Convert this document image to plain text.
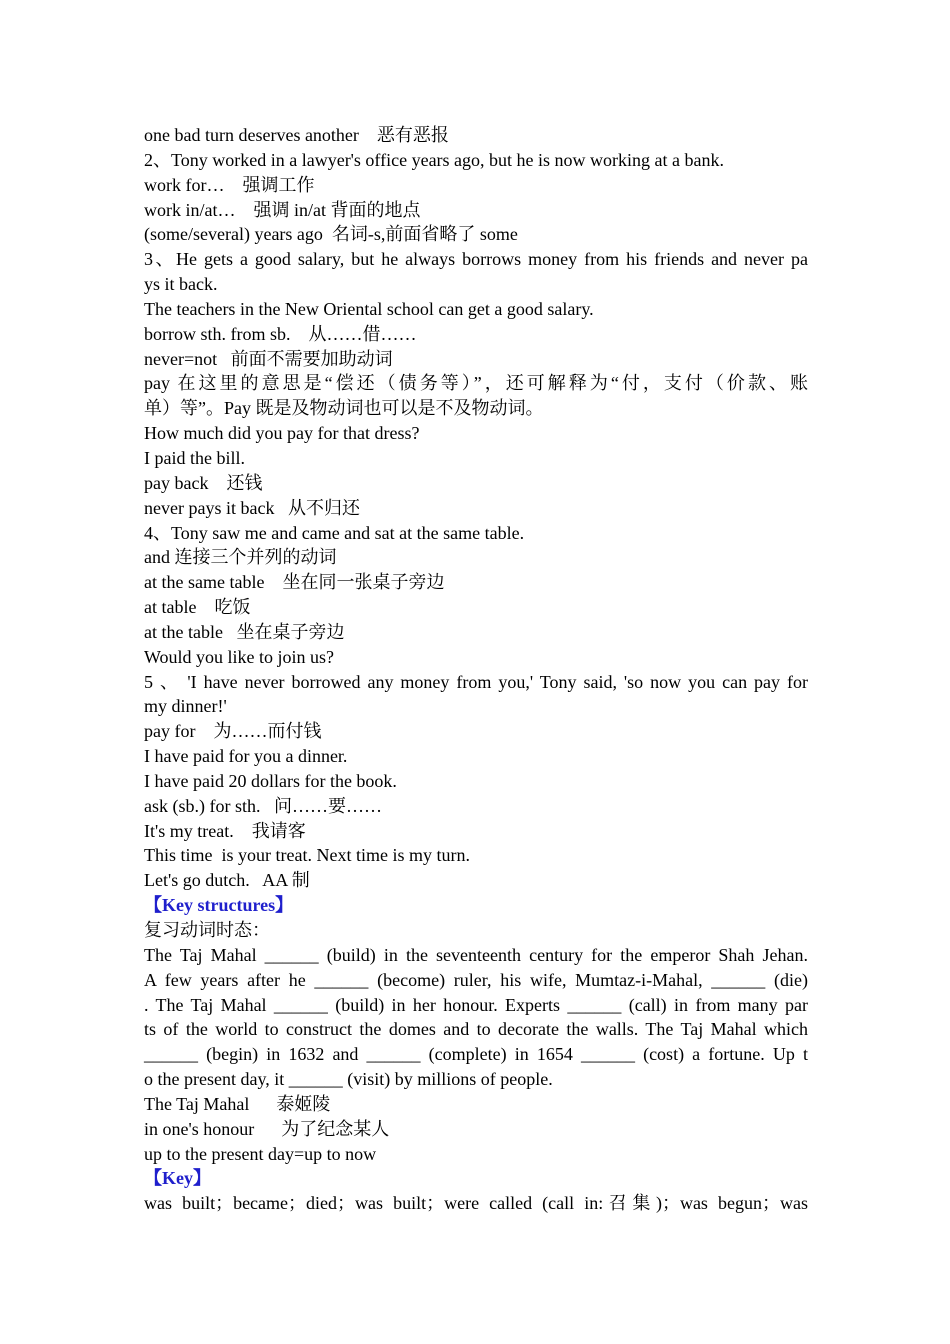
one bad turn deserves another    恶有恶报
2、Tony worked in a lawyer's office years ago, but he is now working at a bank.
work for…    强调工作
work in/at…    强调 in/at 背面的地点
(some/several) years ago  名词-s,前面省略了 some
3、He gets a good salary, but he always borrows money from his friends and never pa
ys it back.
The teachers in the New Oriental school can get a good salary.
borrow sth. from sb.    从……借……
never=not   前面不需要加助动词
pay 在这里的意思是“偿还（债务等）”，还可解释为“付，支付（价款、账
单）等”。Pay 既是及物动词也可以是不及物动词。
How much did you pay for that dress?
I paid the bill.
pay back    还钱
never pays it back   从不归还
4、Tony saw me and came and sat at the same table.
and 连接三个并列的动词
at the same table    坐在同一张桌子旁边
at table    吃饭
at the table   坐在桌子旁边
Would you like to join us?
5 、 'I have never borrowed any money from you,' Tony said, 'so now you can pay for
my dinner!'
pay for    为……而付钱
I have paid for you a dinner.
I have paid 20 dollars for the book.
ask (sb.) for sth.   问……要……
It's my treat.    我请客
This time  is your treat. Next time is my turn.
Let's go dutch.   AA 制
【Key structures】
复习动词时态：
The Taj Mahal ______ (build) in the seventeenth century for the emperor Shah Jehan.
A few years after he ______ (become) ruler, his wife, Mumtaz-i-Mahal, ______ (die)
. The Taj Mahal ______ (build) in her honour. Experts ______ (call) in from many par
ts of the world to construct the domes and to decorate the walls. The Taj Mahal which
______ (begin) in 1632 and ______ (complete) in 1654 ______ (cost) a fortune. Up t
o the present day, it ______ (visit) by millions of people.
The Taj Mahal      泰姬陵
in one's honour      为了纪念某人
up to the present day=up to now
【Key】
was built；became；died；was built；were called (call in:召集)；was begun；was
